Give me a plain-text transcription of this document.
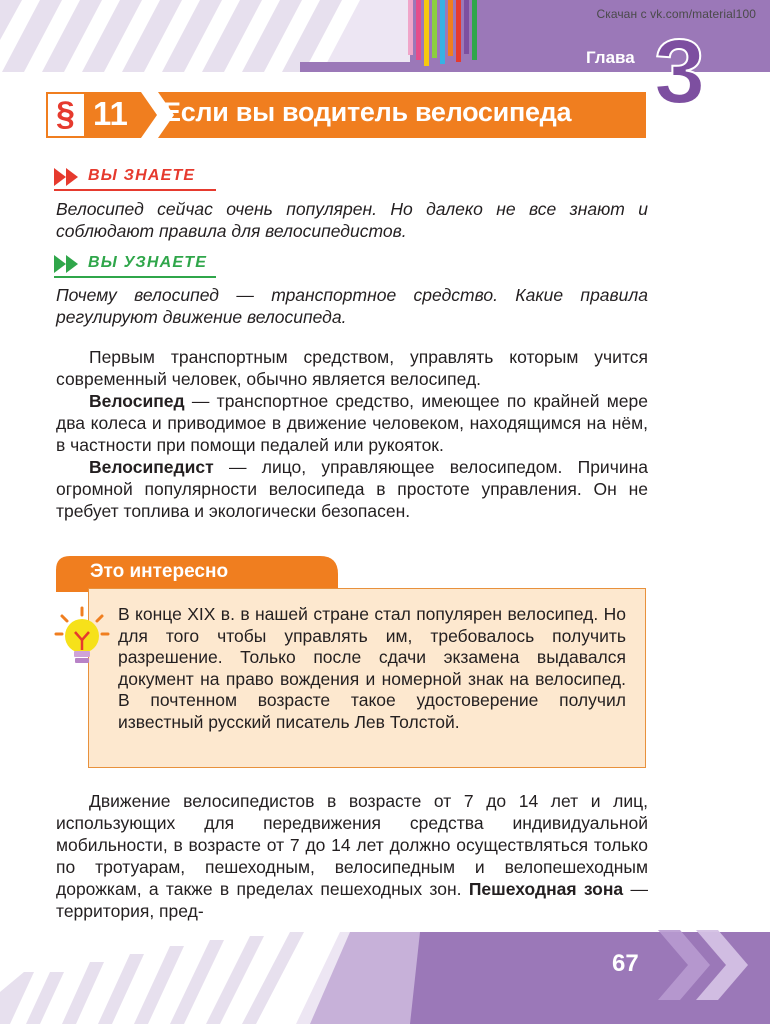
Скачан с vk.com/material100
Глава 3
§ 11 Если вы водитель велосипеда
ВЫ ЗНАЕТЕ
Велосипед сейчас очень популярен. Но далеко не все знают и соблюдают правила для велосипедистов.
ВЫ УЗНАЕТЕ
Почему велосипед — транспортное средство. Какие правила регулируют движение велосипеда.

Первым транспортным средством, управлять которым учится современный человек, обычно является велосипед.

Велосипед — транспортное средство, имеющее по крайней мере два колеса и приводимое в движение человеком, находящимся на нём, в частности при помощи педалей или рукояток.

Велосипедист — лицо, управляющее велосипедом. Причина огромной популярности велосипеда в простоте управления. Он не требует топлива и экологически безопасен.

Это интересно
В конце XIX в. в нашей стране стал популярен велосипед. Но для того чтобы управлять им, требовалось получить разрешение. Только после сдачи экзамена выдавался документ на право вождения и номерной знак на велосипед. В почтенном возрасте такое удостоверение получил известный русский писатель Лев Толстой.

Движение велосипедистов в возрасте от 7 до 14 лет и лиц, использующих для передвижения средства индивидуальной мобильности, в возрасте от 7 до 14 лет должно осуществляться только по тротуарам, пешеходным, велосипедным и велопешеходным дорожкам, а также в пределах пешеходных зон. Пешеходная зона — территория, пред-

67
